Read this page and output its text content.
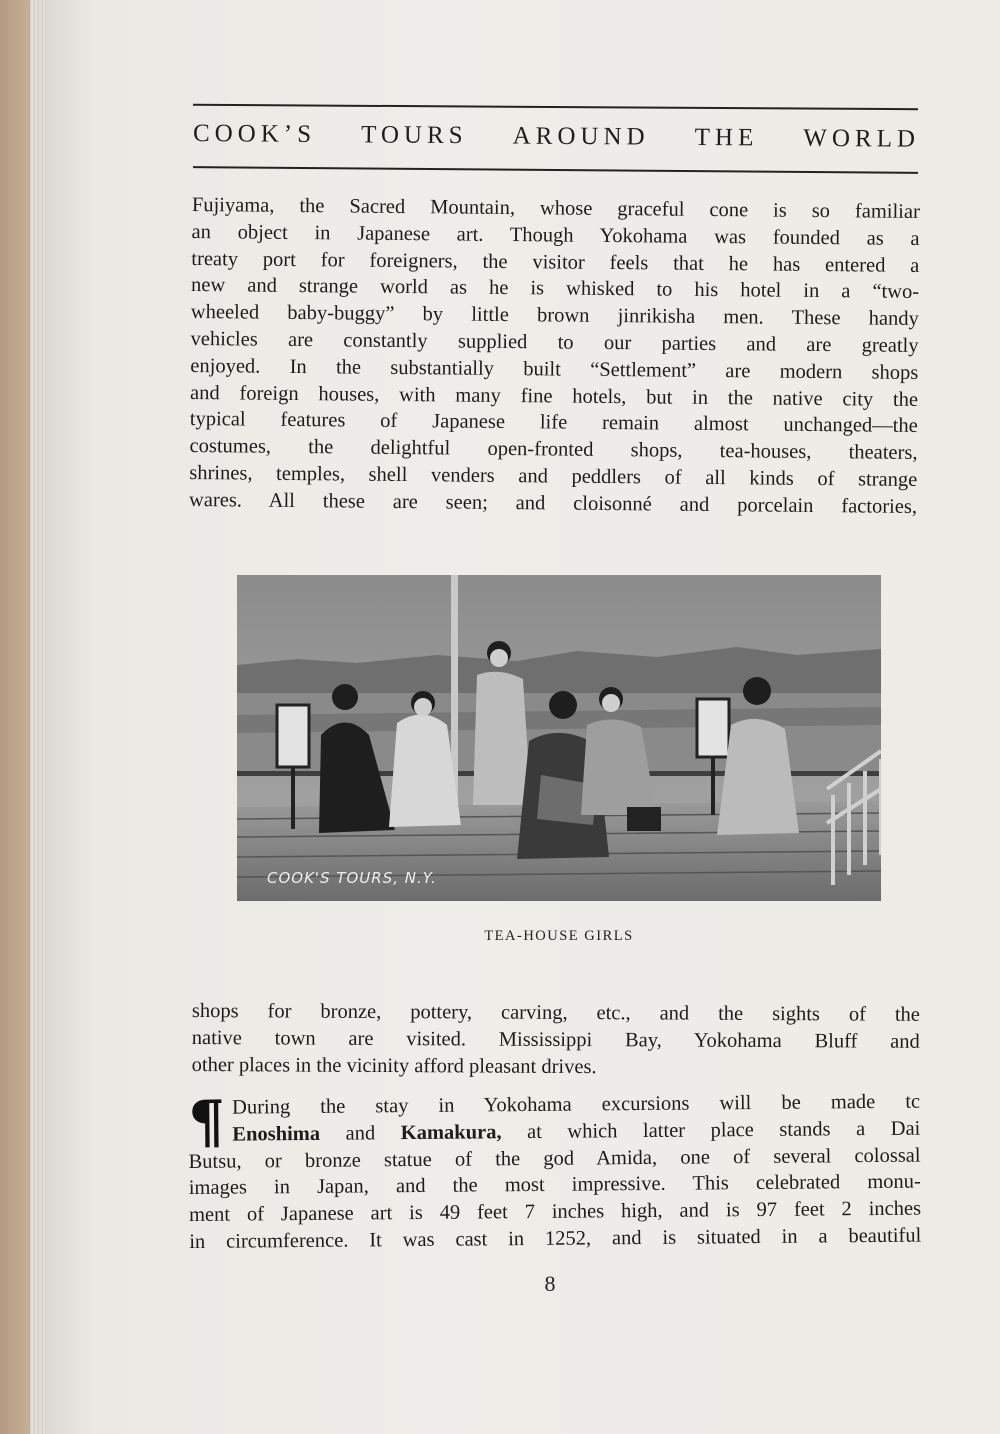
COOK’S TOURS AROUND THE WORLD
Fujiyama, the Sacred Mountain, whose graceful cone is so familiar
an object in Japanese art. Though Yokohama was founded as a
treaty port for foreigners, the visitor feels that he has entered a
new and strange world as he is whisked to his hotel in a “two-
wheeled baby-buggy” by little brown jinrikisha men. These handy
vehicles are constantly supplied to our parties and are greatly
enjoyed. In the substantially built “Settlement” are modern shops
and foreign houses, with many fine hotels, but in the native city the
typical features of Japanese life remain almost unchanged—the
costumes, the delightful open-fronted shops, tea-houses, theaters,
shrines, temples, shell venders and peddlers of all kinds of strange
wares. All these are seen; and cloisonné and porcelain factories,
COOK'S TOURS, N.Y.
TEA-HOUSE GIRLS
shops for bronze, pottery, carving, etc., and the sights of the
native town are visited. Mississippi Bay, Yokohama Bluff and
other places in the vicinity afford pleasant drives.
¶ During the stay in Yokohama excursions will be made tc
Enoshima and Kamakura, at which latter place stands a Dai
Butsu, or bronze statue of the god Amida, one of several colossal
images in Japan, and the most impressive. This celebrated monu-
ment of Japanese art is 49 feet 7 inches high, and is 97 feet 2 inches
in circumference. It was cast in 1252, and is situated in a beautiful
8
